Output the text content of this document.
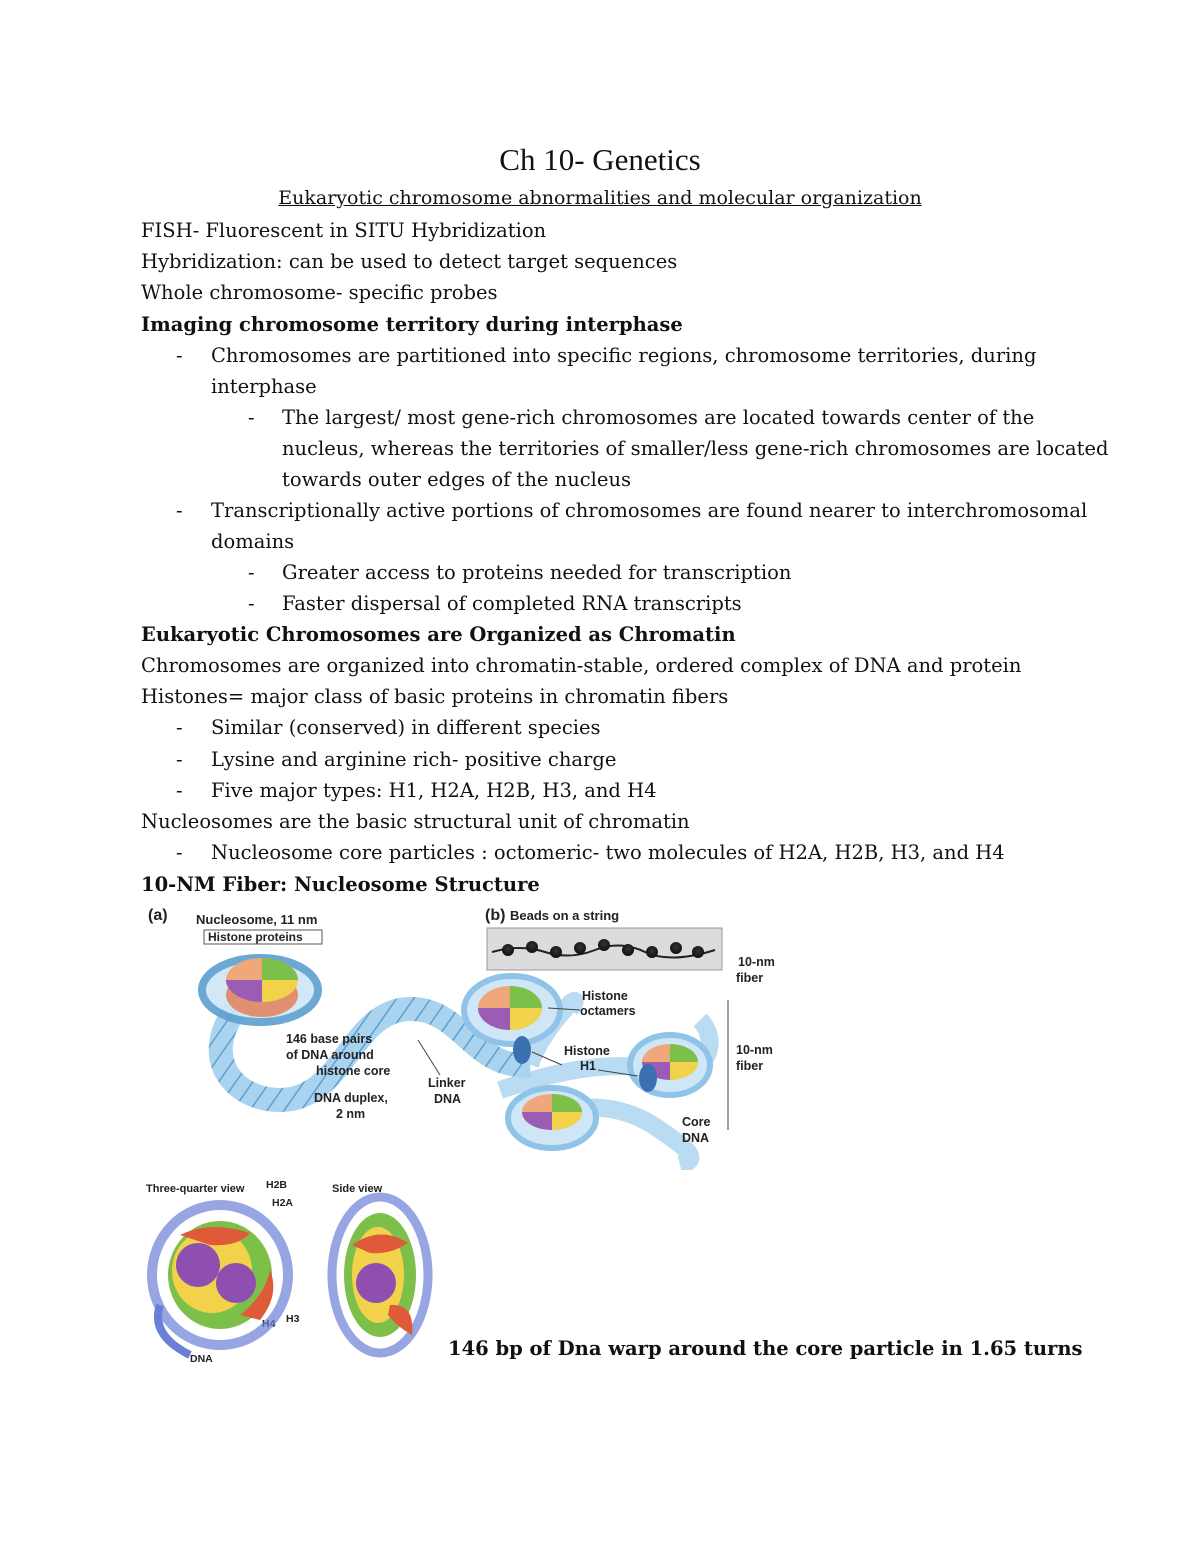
Ch 10- Genetics
Eukaryotic chromosome abnormalities and molecular organization
FISH- Fluorescent in SITU Hybridization
Hybridization: can be used to detect target sequences
Whole chromosome- specific probes
Imaging chromosome territory during interphase
- Chromosomes are partitioned into specific regions, chromosome territories, during
interphase
- The largest/ most gene-rich chromosomes are located towards center of the
nucleus, whereas the territories of smaller/less gene-rich chromosomes are located
towards outer edges of the nucleus
- Transcriptionally active portions of chromosomes are found nearer to interchromosomal
domains
- Greater access to proteins needed for transcription
- Faster dispersal of completed RNA transcripts
Eukaryotic Chromosomes are Organized as Chromatin
Chromosomes are organized into chromatin-stable, ordered complex of DNA and protein
Histones= major class of basic proteins in chromatin fibers
- Similar (conserved) in different species
- Lysine and arginine rich- positive charge
- Five major types: H1, H2A, H2B, H3, and H4
Nucleosomes are the basic structural unit of chromatin
- Nucleosome core particles : octomeric- two molecules of H2A, H2B, H3, and H4
10-NM Fiber: Nucleosome Structure
(a)	(b)
Nucleosome, 11 nm
Histone proteins
146 base pairs
of DNA around
histone core
DNA duplex,
2 nm
Linker
DNA
Beads on a string
10-nm
fiber
Histone
octamers
Histone
H1
10-nm
fiber
Core
DNA
Three-quarter view	Side view
H2B
H2A
H3
H4
DNA	146 bp of Dna warp around the core particle in 1.65 turns
